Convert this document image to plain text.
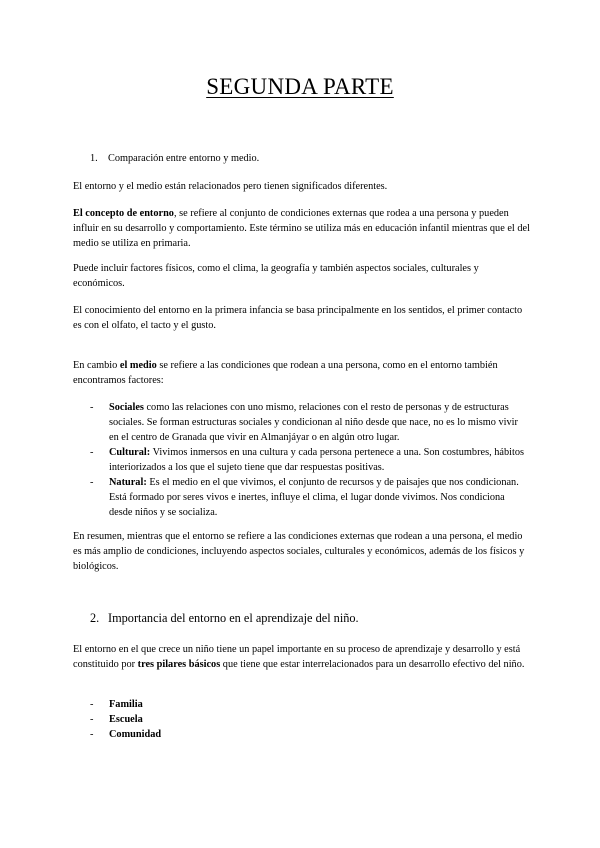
SEGUNDA PARTE

1. Comparación entre entorno y medio.

El entorno y el medio están relacionados pero tienen significados diferentes.

El concepto de entorno, se refiere al conjunto de condiciones externas que rodea a una persona y pueden influir en su desarrollo y comportamiento. Este término se utiliza más en educación infantil mientras que el del medio se utiliza en primaria.

Puede incluir factores físicos, como el clima, la geografía y también aspectos sociales, culturales y económicos.

El conocimiento del entorno en la primera infancia se basa principalmente en los sentidos, el primer contacto es con el olfato, el tacto y el gusto.

En cambio el medio se refiere a las condiciones que rodean a una persona, como en el entorno también encontramos factores:

- Sociales como las relaciones con uno mismo, relaciones con el resto de personas y de estructuras sociales. Se forman estructuras sociales y condicionan al niño desde que nace, no es lo mismo vivir en el centro de Granada que vivir en Almanjáyar o en algún otro lugar.
- Cultural: Vivimos inmersos en una cultura y cada persona pertenece a una. Son costumbres, hábitos interiorizados a los que el sujeto tiene que dar respuestas positivas.
- Natural: Es el medio en el que vivimos, el conjunto de recursos y de paisajes que nos condicionan. Está formado por seres vivos e inertes, influye el clima, el lugar donde vivimos. Nos condiciona desde niños y se socializa.

En resumen, mientras que el entorno se refiere a las condiciones externas que rodean a una persona, el medio es más amplio de condiciones, incluyendo aspectos sociales, culturales y económicos, además de los físicos y biológicos.

2. Importancia del entorno en el aprendizaje del niño.

El entorno en el que crece un niño tiene un papel importante en su proceso de aprendizaje y desarrollo y está constituido por tres pilares básicos que tiene que estar interrelacionados para un desarrollo efectivo del niño.

- Familia
- Escuela
- Comunidad
